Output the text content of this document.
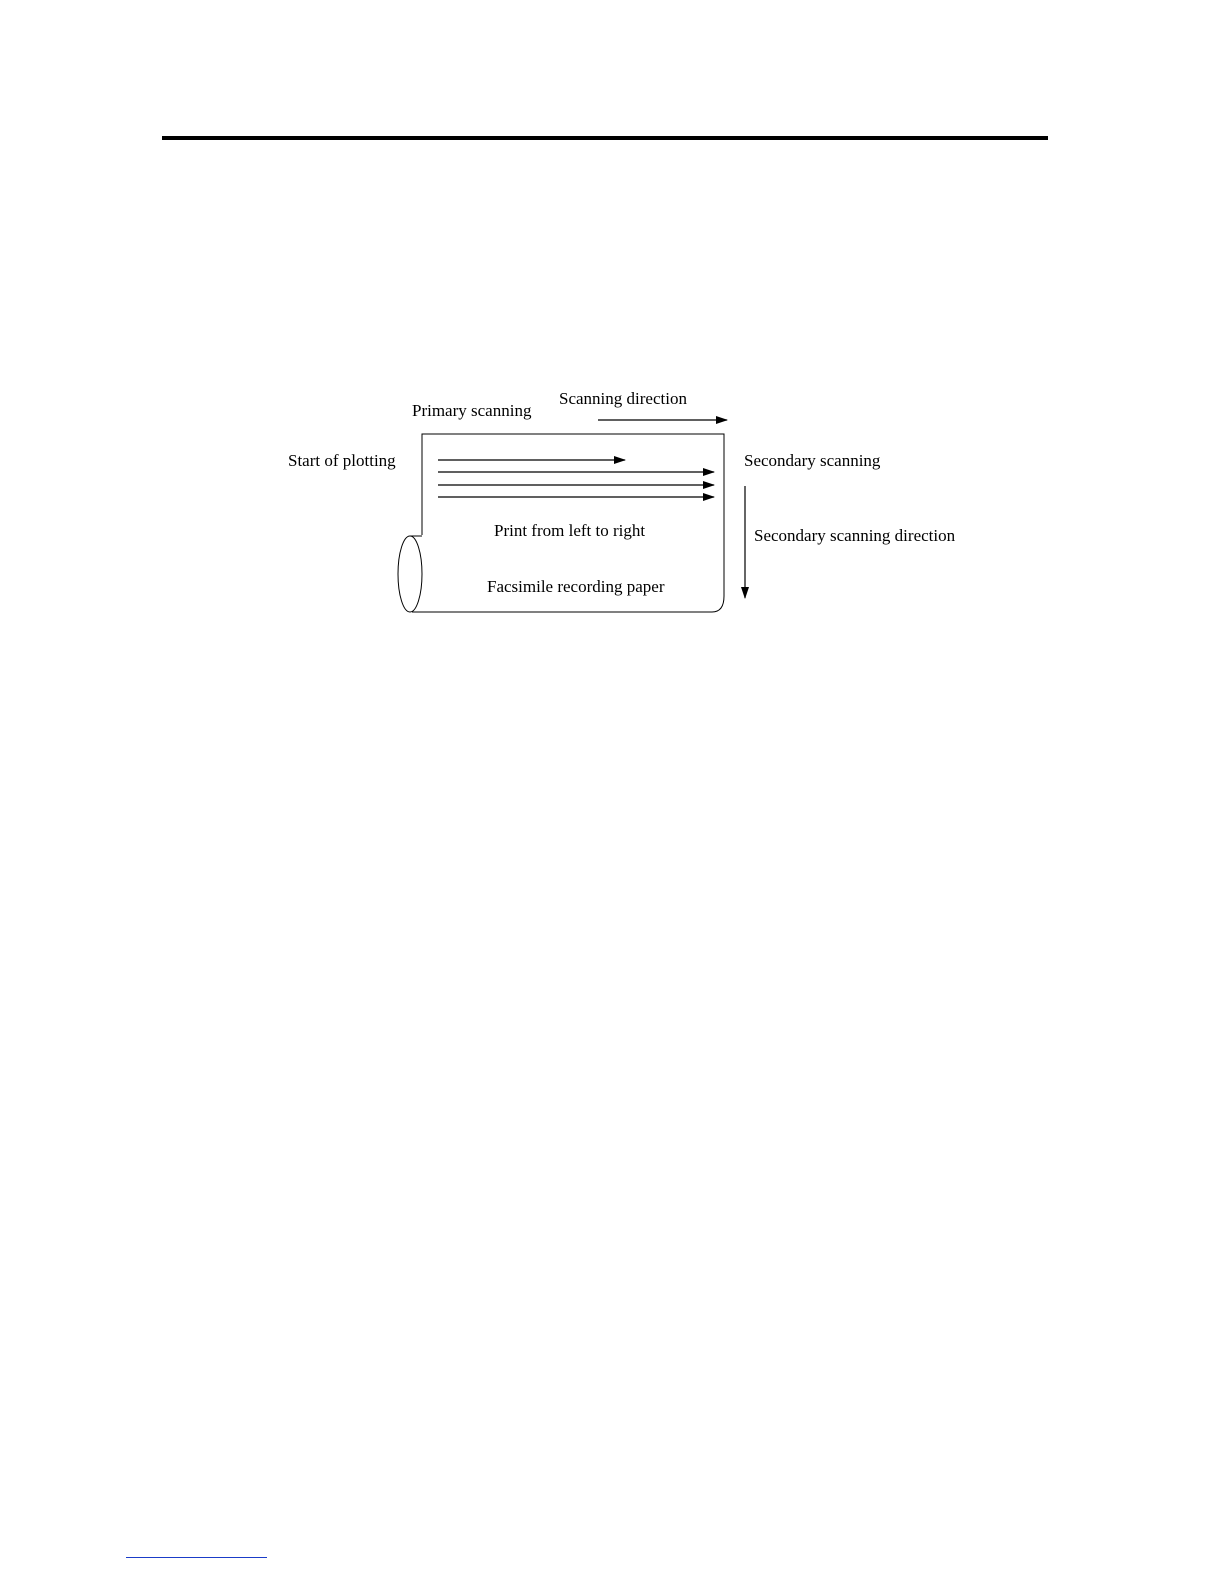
Primary scanning
Scanning direction
Start of plotting	Secondary scanning
Print from left to right	Secondary scanning direction
Facsimile recording paper
